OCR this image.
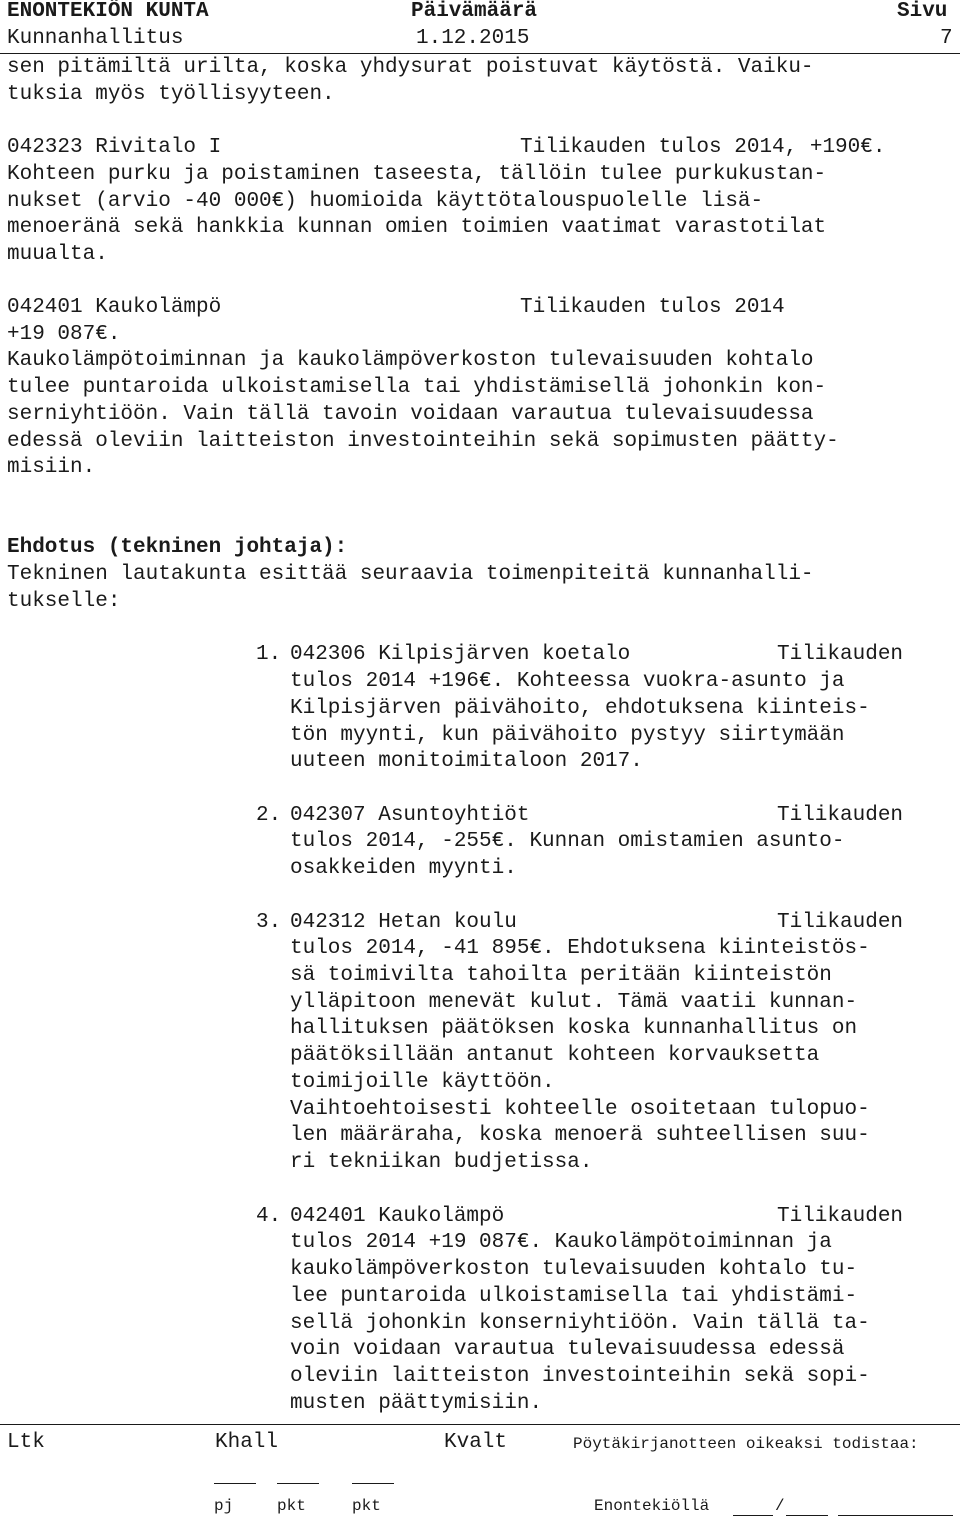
ENONTEKIÖN KUNTA	Päivämäärä	Sivu
Kunnanhallitus	1.12.2015	7
sen pitämiltä urilta, koska yhdysurat poistuvat käytöstä. Vaiku-
tuksia myös työllisyyteen.
042323 Rivitalo I	Tilikauden tulos 2014, +190€.
Kohteen purku ja poistaminen taseesta, tällöin tulee purkukustan-
nukset (arvio -40 000€) huomioida käyttötalouspuolelle lisä-
menoeränä sekä hankkia kunnan omien toimien vaatimat varastotilat
muualta.
042401 Kaukolämpö	Tilikauden tulos 2014
+19 087€.
Kaukolämpötoiminnan ja kaukolämpöverkoston tulevaisuuden kohtalo
tulee puntaroida ulkoistamisella tai yhdistämisellä johonkin kon-
serniyhtiöön. Vain tällä tavoin voidaan varautua tulevaisuudessa
edessä oleviin laitteiston investointeihin sekä sopimusten päätty-
misiin.
Ehdotus (tekninen johtaja):
Tekninen lautakunta esittää seuraavia toimenpiteitä kunnanhalli-
tukselle:
1. 042306 Kilpisjärven koetalo	Tilikauden
tulos 2014 +196€. Kohteessa vuokra-asunto ja
Kilpisjärven päivähoito, ehdotuksena kiinteis-
tön myynti, kun päivähoito pystyy siirtymään
uuteen monitoimitaloon 2017.
2. 042307 Asuntoyhtiöt	Tilikauden
tulos 2014, -255€. Kunnan omistamien asunto-
osakkeiden myynti.
3. 042312 Hetan koulu	Tilikauden
tulos 2014, -41 895€. Ehdotuksena kiinteistös-
sä toimivilta tahoilta peritään kiinteistön
ylläpitoon menevät kulut. Tämä vaatii kunnan-
hallituksen päätöksen koska kunnanhallitus on
päätöksillään antanut kohteen korvauksetta
toimijoille käyttöön.
Vaihtoehtoisesti kohteelle osoitetaan tulopuo-
len määräraha, koska menoerä suhteellisen suu-
ri tekniikan budjetissa.
4. 042401 Kaukolämpö	Tilikauden
tulos 2014 +19 087€. Kaukolämpötoiminnan ja
kaukolämpöverkoston tulevaisuuden kohtalo tu-
lee puntaroida ulkoistamisella tai yhdistämi-
sellä johonkin konserniyhtiöön. Vain tällä ta-
voin voidaan varautua tulevaisuudessa edessä
oleviin laitteiston investointeihin sekä sopi-
musten päättymisiin.
Ltk	Khall	Kvalt	Pöytäkirjanotteen oikeaksi todistaa:
pj	pkt	pkt	Enontekiöllä	/
